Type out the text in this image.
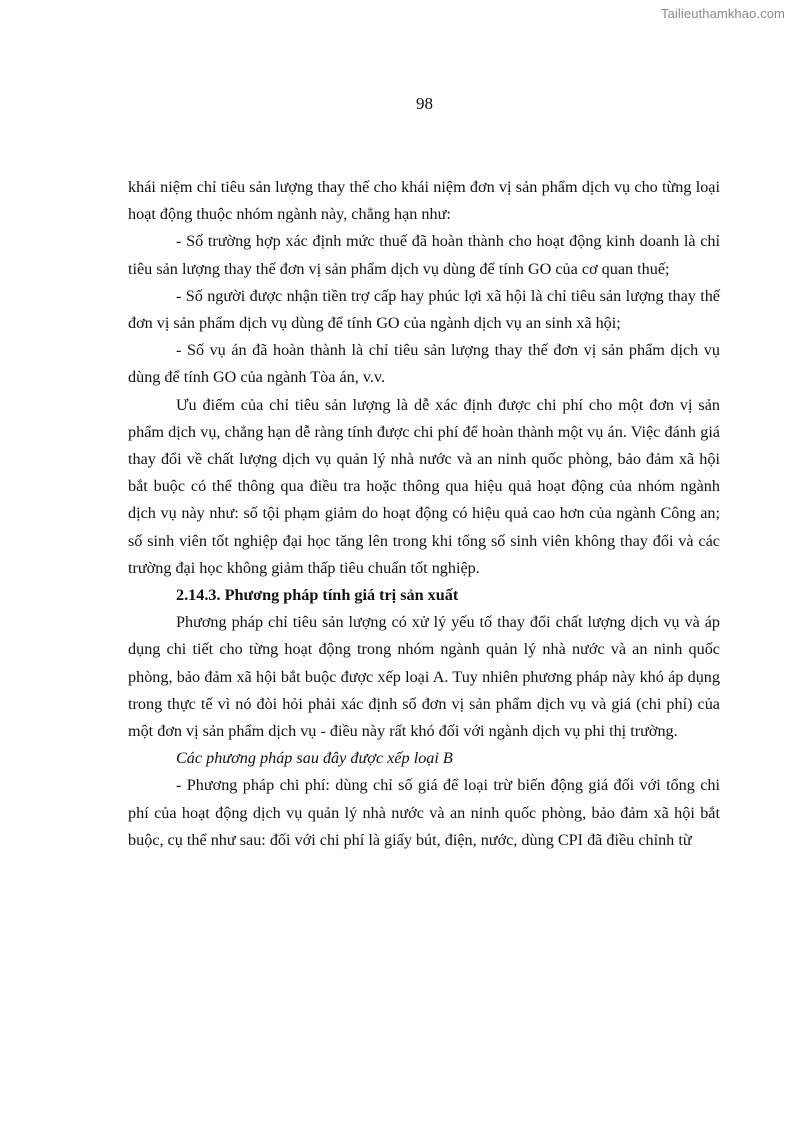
Tailieuthamkhao.com
98

khái niệm chỉ tiêu sản lượng thay thế cho khái niệm đơn vị sản phẩm dịch vụ cho từng loại hoạt động thuộc nhóm ngành này, chẳng hạn như:

- Số trường hợp xác định mức thuế đã hoàn thành cho hoạt động kinh doanh là chỉ tiêu sản lượng thay thế đơn vị sản phẩm dịch vụ dùng để tính GO của cơ quan thuế;

- Số người được nhận tiền trợ cấp hay phúc lợi xã hội là chỉ tiêu sản lượng thay thế đơn vị sản phẩm dịch vụ dùng để tính GO của ngành dịch vụ an sinh xã hội;

- Số vụ án đã hoàn thành là chỉ tiêu sản lượng thay thế đơn vị sản phẩm dịch vụ dùng để tính GO của ngành Tòa án, v.v.

Ưu điểm của chỉ tiêu sản lượng là dễ xác định được chi phí cho một đơn vị sản phẩm dịch vụ, chẳng hạn dễ ràng tính được chi phí để hoàn thành một vụ án. Việc đánh giá thay đổi về chất lượng dịch vụ quản lý nhà nước và an ninh quốc phòng, bảo đảm xã hội bắt buộc có thể thông qua điều tra hoặc thông qua hiệu quả hoạt động của nhóm ngành dịch vụ này như: số tội phạm giảm do hoạt động có hiệu quả cao hơn của ngành Công an; số sinh viên tốt nghiệp đại học tăng lên trong khi tổng số sinh viên không thay đổi và các trường đại học không giảm thấp tiêu chuẩn tốt nghiệp.

2.14.3. Phương pháp tính giá trị sản xuất

Phương pháp chỉ tiêu sản lượng có xử lý yếu tố thay đổi chất lượng dịch vụ và áp dụng chi tiết cho từng hoạt động trong nhóm ngành quản lý nhà nước và an ninh quốc phòng, bảo đảm xã hội bắt buộc được xếp loại A. Tuy nhiên phương pháp này khó áp dụng trong thực tế vì nó đòi hỏi phải xác định số đơn vị sản phẩm dịch vụ và giá (chi phí) của một đơn vị sản phẩm dịch vụ - điều này rất khó đối với ngành dịch vụ phi thị trường.

Các phương pháp sau đây được xếp loại B

- Phương pháp chi phí: dùng chỉ số giá để loại trừ biến động giá đối với tổng chi phí của hoạt động dịch vụ quản lý nhà nước và an ninh quốc phòng, bảo đảm xã hội bắt buộc, cụ thể như sau: đối với chi phí là giấy bút, điện, nước, dùng CPI đã điều chỉnh từ
